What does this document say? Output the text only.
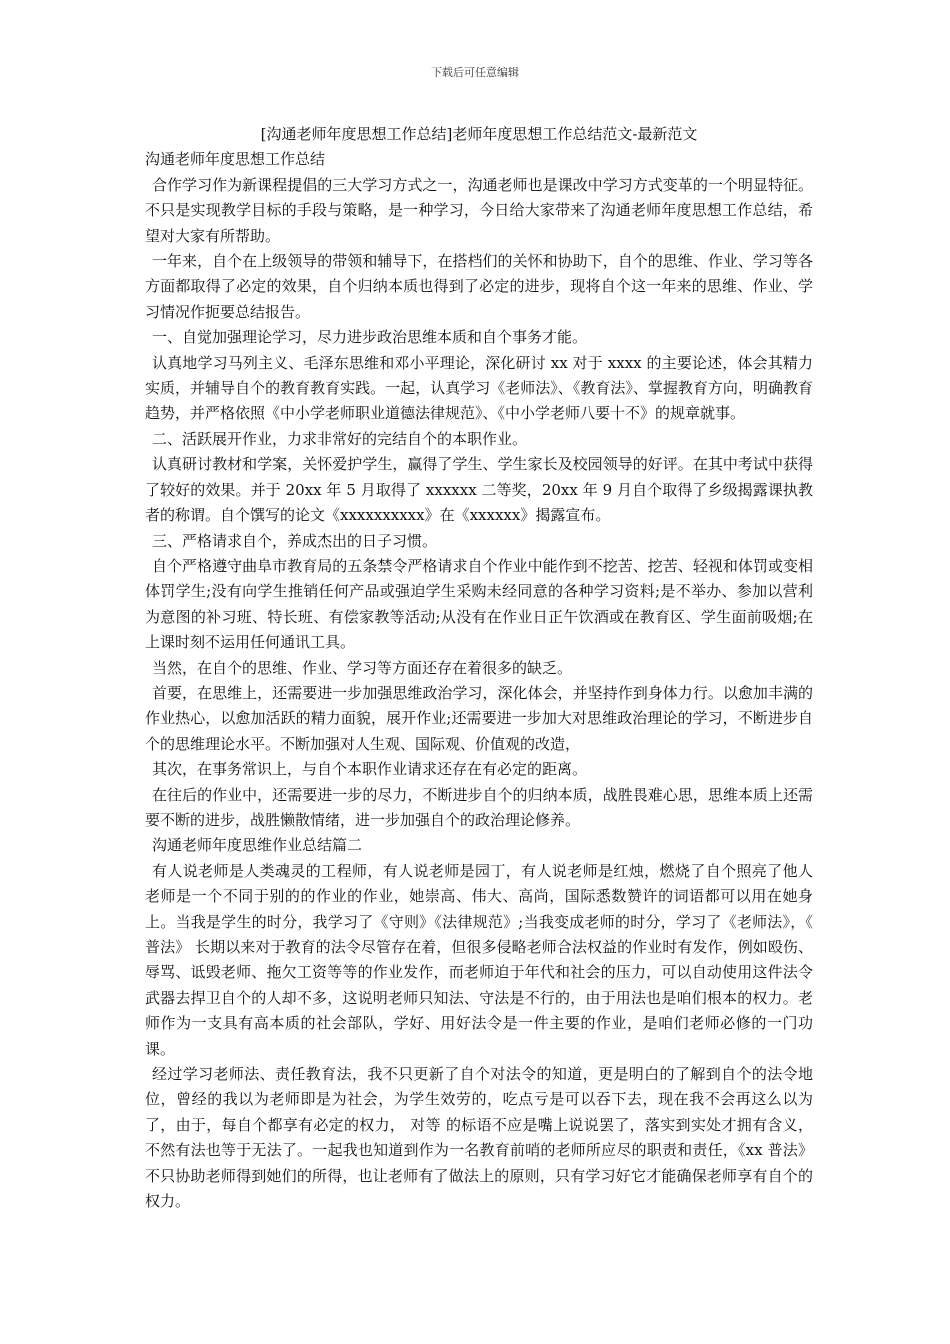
下载后可任意编辑

[沟通老师年度思想工作总结]老师年度思想工作总结范文-最新范文

沟通老师年度思想工作总结

合作学习作为新课程提倡的三大学习方式之一，沟通老师也是课改中学习方式变革的一个明显特征。不只是实现教学目标的手段与策略，是一种学习，今日给大家带来了沟通老师年度思想工作总结，希望对大家有所帮助。

一年来，自个在上级领导的带领和辅导下，在搭档们的关怀和协助下，自个的思维、作业、学习等各方面都取得了必定的效果，自个归纳本质也得到了必定的进步，现将自个这一年来的思维、作业、学习情况作扼要总结报告。

一、自觉加强理论学习，尽力进步政治思维本质和自个事务才能。

认真地学习马列主义、毛泽东思维和邓小平理论，深化研讨 xx 对于 xxxx 的主要论述，体会其精力实质，并辅导自个的教育教育实践。一起，认真学习《老师法》、《教育法》、掌握教育方向，明确教育趋势，并严格依照《中小学老师职业道德法律规范》、《中小学老师八要十不》的规章就事。

二、活跃展开作业，力求非常好的完结自个的本职作业。

认真研讨教材和学案，关怀爱护学生，赢得了学生、学生家长及校园领导的好评。在其中考试中获得了较好的效果。并于 20xx 年 5 月取得了 xxxxxx 二等奖，20xx 年 9 月自个取得了乡级揭露课执教者的称谓。自个馔写的论文《xxxxxxxxxx》在《xxxxxx》揭露宣布。

三、严格请求自个，养成杰出的日子习惯。

自个严格遵守曲阜市教育局的五条禁令严格请求自个作业中能作到不挖苦、挖苦、轻视和体罚或变相体罚学生;没有向学生推销任何产品或强迫学生采购未经同意的各种学习资料;是不举办、参加以营利为意图的补习班、特长班、有偿家教等活动;从没有在作业日正午饮酒或在教育区、学生面前吸烟;在上课时刻不运用任何通讯工具。

当然，在自个的思维、作业、学习等方面还存在着很多的缺乏。

首要，在思维上，还需要进一步加强思维政治学习，深化体会，并坚持作到身体力行。以愈加丰满的作业热心，以愈加活跃的精力面貌，展开作业;还需要进一步加大对思维政治理论的学习，不断进步自个的思维理论水平。不断加强对人生观、国际观、价值观的改造，

其次，在事务常识上，与自个本职作业请求还存在有必定的距离。

在往后的作业中，还需要进一步的尽力，不断进步自个的归纳本质，战胜畏难心思，思维本质上还需要不断的进步，战胜懒散情绪，进一步加强自个的政治理论修养。

沟通老师年度思维作业总结篇二

有人说老师是人类魂灵的工程师，有人说老师是园丁，有人说老师是红烛，燃烧了自个照亮了他人 老师是一个不同于别的的作业的作业，她崇高、伟大、高尚，国际悉数赞许的词语都可以用在她身上。当我是学生的时分，我学习了《守则》《法律规范》;当我变成老师的时分，学习了《老师法》，《 普法》 长期以来对于教育的法令尽管存在着，但很多侵略老师合法权益的作业时有发作，例如殴伤、辱骂、诋毁老师、拖欠工资等等的作业发作，而老师迫于年代和社会的压力，可以自动使用这件法令武器去捍卫自个的人却不多，这说明老师只知法、守法是不行的，由于用法也是咱们根本的权力。老师作为一支具有高本质的社会部队，学好、用好法令是一件主要的作业，是咱们老师必修的一门功课。

经过学习老师法、责任教育法，我不只更新了自个对法令的知道，更是明白的了解到自个的法令地位，曾经的我以为老师即是为社会，为学生效劳的，吃点亏是可以吞下去，现在我不会再这么以为了，由于，每自个都享有必定的权力， 对等 的标语不应是嘴上说说罢了，落实到实处才拥有含义，不然有法也等于无法了。一起我也知道到作为一名教育前哨的老师所应尽的职责和责任，《xx 普法》不只协助老师得到她们的所得，也让老师有了做法上的原则，只有学习好它才能确保老师享有自个的权力。
